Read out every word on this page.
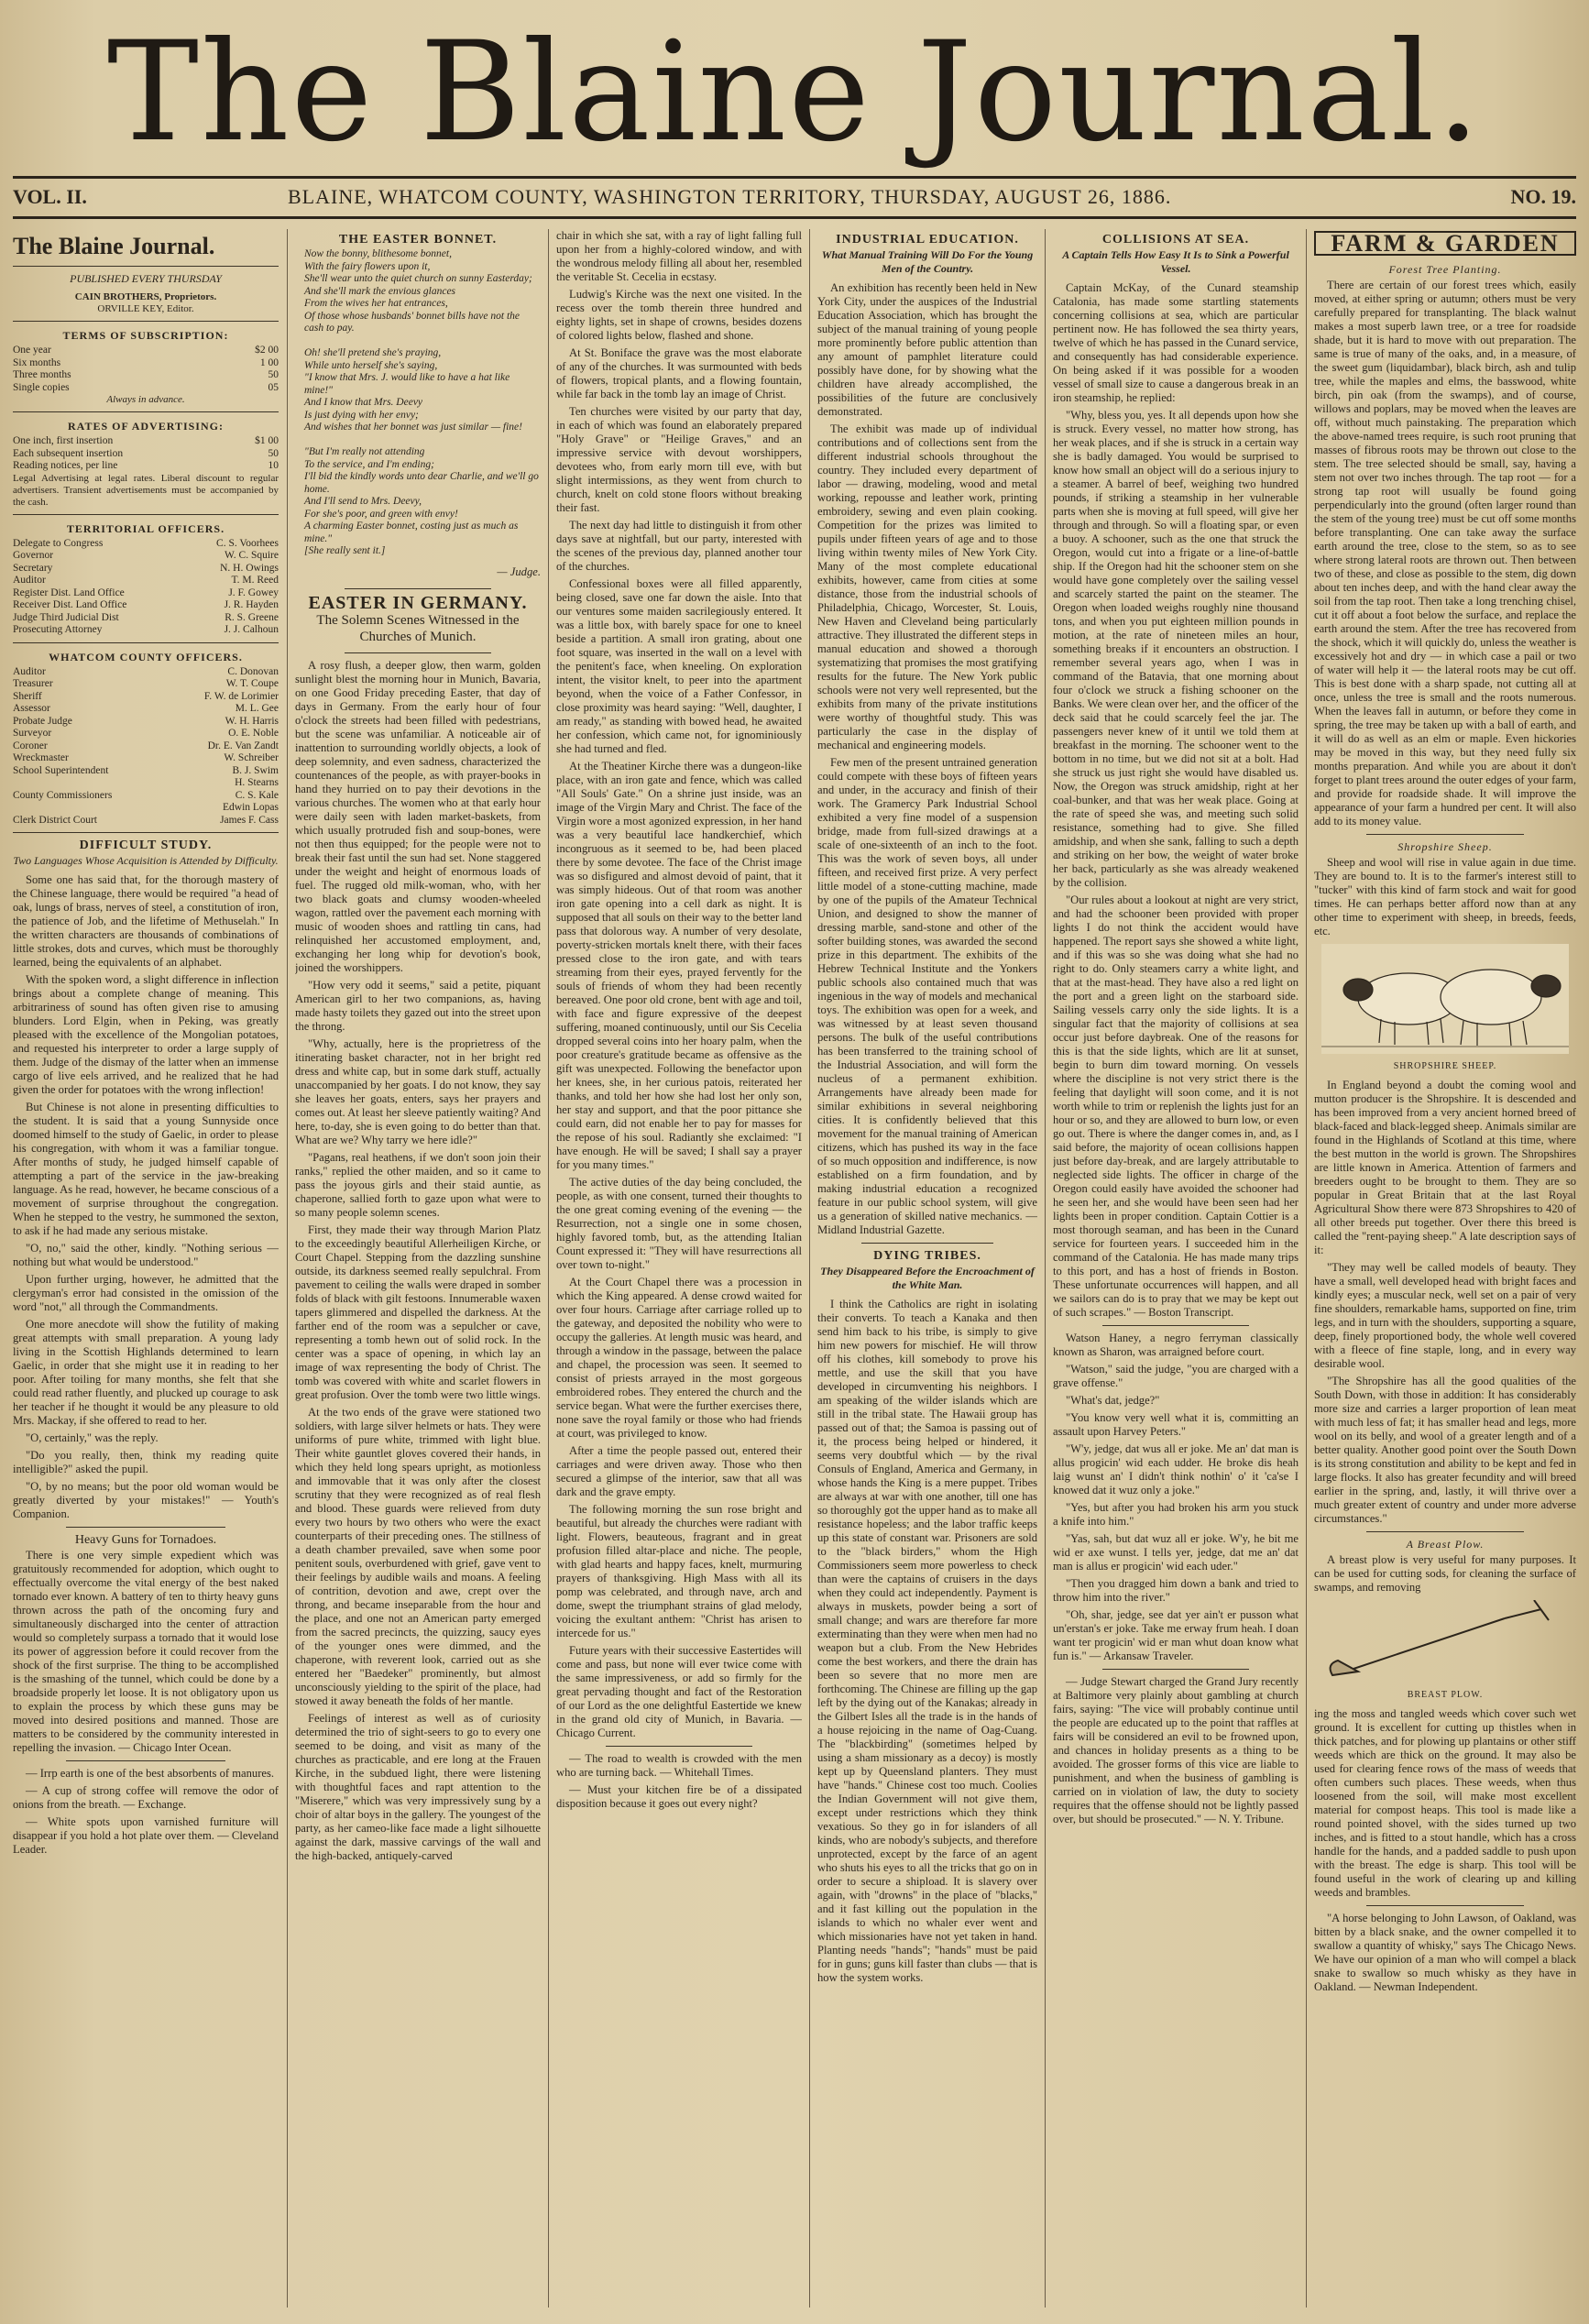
The Blaine Journal.
VOL. II.	BLAINE, WHATCOM COUNTY, WASHINGTON TERRITORY, THURSDAY, AUGUST 26, 1886.	NO. 19.
The Blaine Journal.
PUBLISHED EVERY THURSDAY
CAIN BROTHERS, Proprietors.
ORVILLE KEY, Editor.
TERMS OF SUBSCRIPTION:
One year	$2 00
Six months	1 00
Three months	50
Single copies	05
Always in advance.
RATES OF ADVERTISING:
One inch, first insertion	$1 00
Each subsequent insertion	50
Reading notices, per line	10
Legal Advertising at legal rates. Liberal discount to regular advertisers. Transient advertisements must be accompanied by the cash.
TERRITORIAL OFFICERS.
Delegate to Congress	C. S. Voorhees
Governor	W. C. Squire
Secretary	N. H. Owings
Auditor	T. M. Reed
Register Dist. Land Office	J. F. Gowey
Receiver Dist. Land Office	J. R. Hayden
Judge Third Judicial Dist	R. S. Greene
Prosecuting Attorney	J. J. Calhoun
WHATCOM COUNTY OFFICERS.
Auditor	C. Donovan
Treasurer	W. T. Coupe
Sheriff	F. W. de Lorimier
Assessor	M. L. Gee
Probate Judge	W. H. Harris
Surveyor	O. E. Noble
Coroner	Dr. E. Van Zandt
Wreckmaster	W. Schreiber
School Superintendent	B. J. Swim
	H. Stearns
County Commissioners	C. S. Kale
	Edwin Lopas
Clerk District Court	James F. Cass
DIFFICULT STUDY.
Two Languages Whose Acquisition is Attended by Difficulty.

Some one has said that, for the thorough mastery of the Chinese language, there would be required "a head of oak, lungs of brass, nerves of steel, a constitution of iron, the patience of Job, and the lifetime of Methuselah." In the written characters are thousands of combinations of little strokes, dots and curves, which must be thoroughly learned, being the equivalents of an alphabet.

With the spoken word, a slight difference in inflection brings about a complete change of meaning. This arbitrariness of sound has often given rise to amusing blunders. Lord Elgin, when in Peking, was greatly pleased with the excellence of the Mongolian potatoes, and requested his interpreter to order a large supply of them. Judge of the dismay of the latter when an immense cargo of live eels arrived, and he realized that he had given the order for potatoes with the wrong inflection!

But Chinese is not alone in presenting difficulties to the student. It is said that a young Sunnyside once doomed himself to the study of Gaelic, in order to please his congregation, with whom it was a familiar tongue. After months of study, he judged himself capable of attempting a part of the service in the jaw-breaking language. As he read, however, he became conscious of a movement of surprise throughout the congregation. When he stepped to the vestry, he summoned the sexton, to ask if he had made any serious mistake.

"O, no," said the other, kindly. "Nothing serious — nothing but what would be understood."

Upon further urging, however, he admitted that the clergyman's error had consisted in the omission of the word "not," all through the Commandments.

One more anecdote will show the futility of making great attempts with small preparation. A young lady living in the Scottish Highlands determined to learn Gaelic, in order that she might use it in reading to her poor. After toiling for many months, she felt that she could read rather fluently, and plucked up courage to ask her teacher if he thought it would be any pleasure to old Mrs. Mackay, if she offered to read to her.

"O, certainly," was the reply.

"Do you really, then, think my reading quite intelligible?" asked the pupil.

"O, by no means; but the poor old woman would be greatly diverted by your mistakes!" — Youth's Companion.

Heavy Guns for Tornadoes.

There is one very simple expedient which was gratuitously recommended for adoption, which ought to effectually overcome the vital energy of the best naked tornado ever known. A battery of ten to thirty heavy guns thrown across the path of the oncoming fury and simultaneously discharged into the center of attraction would so completely surpass a tornado that it would lose its power of aggression before it could recover from the shock of the first surprise. The thing to be accomplished is the smashing of the tunnel, which could be done by a broadside properly let loose. It is not obligatory upon us to explain the process by which these guns may be moved into desired positions and manned. Those are matters to be considered by the community interested in repelling the invasion. — Chicago Inter Ocean.

— Irrp earth is one of the best absorbents of manures.

— A cup of strong coffee will remove the odor of onions from the breath. — Exchange.

— White spots upon varnished furniture will disappear if you hold a hot plate over them. — Cleveland Leader.

THE EASTER BONNET.
Now the bonny, blithesome bonnet,
With the fairy flowers upon it,
She'll wear unto the quiet church on sunny Easterday;
And she'll mark the envious glances
From the wives her hat entrances,
Of those whose husbands' bonnet bills have not the cash to pay.

Oh! she'll pretend she's praying,
While unto herself she's saying,
"I know that Mrs. J. would like to have a hat like mine!"
And I know that Mrs. Deevy
Is just dying with her envy;
And wishes that her bonnet was just similar — fine!

"But I'm really not attending
To the service, and I'm ending;
I'll bid the kindly words unto dear Charlie, and we'll go home.
And I'll send to Mrs. Deevy,
For she's poor, and green with envy!
A charming Easter bonnet, costing just as much as mine."
[She really sent it.]
— Judge.
EASTER IN GERMANY.
The Solemn Scenes Witnessed in the Churches of Munich.

A rosy flush, a deeper glow, then warm, golden sunlight blest the morning hour in Munich, Bavaria, on one Good Friday preceding Easter, that day of days in Germany. From the early hour of four o'clock the streets had been filled with pedestrians, but the scene was unfamiliar. A noticeable air of inattention to surrounding worldly objects, a look of deep solemnity, and even sadness, characterized the countenances of the people, as with prayer-books in hand they hurried on to pay their devotions in the various churches. The women who at that early hour were daily seen with laden market-baskets, from which usually protruded fish and soup-bones, were not then thus equipped; for the people were not to break their fast until the sun had set. None staggered under the weight and height of enormous loads of fuel. The rugged old milk-woman, who, with her two black goats and clumsy wooden-wheeled wagon, rattled over the pavement each morning with music of wooden shoes and rattling tin cans, had relinquished her accustomed employment, and, exchanging her long whip for devotion's book, joined the worshippers.

"How very odd it seems," said a petite, piquant American girl to her two companions, as, having made hasty toilets they gazed out into the street upon the throng.

"Why, actually, here is the proprietress of the itinerating basket character, not in her bright red dress and white cap, but in some dark stuff, actually unaccompanied by her goats. I do not know, they say she leaves her goats, enters, says her prayers and comes out. At least her sleeve patiently waiting? And here, to-day, she is even going to do better than that. What are we? Why tarry we here idle?"

"Pagans, real heathens, if we don't soon join their ranks," replied the other maiden, and so it came to pass the joyous girls and their staid auntie, as chaperone, sallied forth to gaze upon what were to so many people solemn scenes.

First, they made their way through Marion Platz to the exceedingly beautiful Allerheiligen Kirche, or Court Chapel. Stepping from the dazzling sunshine outside, its darkness seemed really sepulchral. From pavement to ceiling the walls were draped in somber folds of black with gilt festoons. Innumerable waxen tapers glimmered and dispelled the darkness. At the farther end of the room was a sepulcher or cave, representing a tomb hewn out of solid rock. In the center was a space of opening, in which lay an image of wax representing the body of Christ. The tomb was covered with white and scarlet flowers in great profusion. Over the tomb were two little wings.

At the two ends of the grave were stationed two soldiers, with large silver helmets or hats. They were uniforms of pure white, trimmed with light blue. Their white gauntlet gloves covered their hands, in which they held long spears upright, as motionless and immovable that it was only after the closest scrutiny that they were recognized as of real flesh and blood. These guards were relieved from duty every two hours by two others who were the exact counterparts of their preceding ones. The stillness of a death chamber prevailed, save when some poor penitent souls, overburdened with grief, gave vent to their feelings by audible wails and moans. A feeling of contrition, devotion and awe, crept over the throng, and became inseparable from the hour and the place, and one not an American party emerged from the sacred precincts, the quizzing, saucy eyes of the younger ones were dimmed, and the chaperone, with reverent look, carried out as she entered her "Baedeker" prominently, but almost unconsciously yielding to the spirit of the place, had stowed it away beneath the folds of her mantle.

Feelings of interest as well as of curiosity determined the trio of sight-seers to go to every one seemed to be doing, and visit as many of the churches as practicable, and ere long at the Frauen Kirche, in the subdued light, there were listening with thoughtful faces and rapt attention to the "Miserere," which was very impressively sung by a choir of altar boys in the gallery. The youngest of the party, as her cameo-like face made a light silhouette against the dark, massive carvings of the wall and the high-backed, antiquely-carved

chair in which she sat, with a ray of light falling full upon her from a highly-colored window, and with the wondrous melody filling all about her, resembled the veritable St. Cecelia in ecstasy.

Ludwig's Kirche was the next one visited. In the recess over the tomb therein three hundred and eighty lights, set in shape of crowns, besides dozens of colored lights below, flashed and shone.

At St. Boniface the grave was the most elaborate of any of the churches. It was surmounted with beds of flowers, tropical plants, and a flowing fountain, while far back in the tomb lay an image of Christ.

Ten churches were visited by our party that day, in each of which was found an elaborately prepared "Holy Grave" or "Heilige Graves," and an impressive service with devout worshippers, devotees who, from early morn till eve, with but slight intermissions, as they went from church to church, knelt on cold stone floors without breaking their fast.

The next day had little to distinguish it from other days save at nightfall, but our party, interested with the scenes of the previous day, planned another tour of the churches.

Confessional boxes were all filled apparently, being closed, save one far down the aisle. Into that our ventures some maiden sacrilegiously entered. It was a little box, with barely space for one to kneel beside a partition. A small iron grating, about one foot square, was inserted in the wall on a level with the penitent's face, when kneeling. On exploration intent, the visitor knelt, to peer into the apartment beyond, when the voice of a Father Confessor, in close proximity was heard saying: "Well, daughter, I am ready," as standing with bowed head, he awaited her confession, which came not, for ignominiously she had turned and fled.

At the Theatiner Kirche there was a dungeon-like place, with an iron gate and fence, which was called "All Souls' Gate." On a shrine just inside, was an image of the Virgin Mary and Christ. The face of the Virgin wore a most agonized expression, in her hand was a very beautiful lace handkerchief, which incongruous as it seemed to be, had been placed there by some devotee. The face of the Christ image was so disfigured and almost devoid of paint, that it was simply hideous. Out of that room was another iron gate opening into a cell dark as night. It is supposed that all souls on their way to the better land pass that dolorous way. A number of very desolate, poverty-stricken mortals knelt there, with their faces pressed close to the iron gate, and with tears streaming from their eyes, prayed fervently for the souls of friends of whom they had been recently bereaved. One poor old crone, bent with age and toil, with face and figure expressive of the deepest suffering, moaned continuously, until our Sis Cecelia dropped several coins into her hoary palm, when the poor creature's gratitude became as offensive as the gift was unexpected. Following the benefactor upon her knees, she, in her curious patois, reiterated her thanks, and told her how she had lost her only son, her stay and support, and that the poor pittance she could earn, did not enable her to pay for masses for the repose of his soul. Radiantly she exclaimed: "I have enough. He will be saved; I shall say a prayer for you many times."

The active duties of the day being concluded, the people, as with one consent, turned their thoughts to the one great coming evening of the evening — the Resurrection, not a single one in some chosen, highly favored tomb, but, as the attending Italian Count expressed it: "They will have resurrections all over town to-night."

At the Court Chapel there was a procession in which the King appeared. A dense crowd waited for over four hours. Carriage after carriage rolled up to the gateway, and deposited the nobility who were to occupy the galleries. At length music was heard, and through a window in the passage, between the palace and chapel, the procession was seen. It seemed to consist of priests arrayed in the most gorgeous embroidered robes. They entered the church and the service began. What were the further exercises there, none save the royal family or those who had friends at court, was privileged to know.

After a time the people passed out, entered their carriages and were driven away. Those who then secured a glimpse of the interior, saw that all was dark and the grave empty.

The following morning the sun rose bright and beautiful, but already the churches were radiant with light. Flowers, beauteous, fragrant and in great profusion filled altar-place and niche. The people, with glad hearts and happy faces, knelt, murmuring prayers of thanksgiving. High Mass with all its pomp was celebrated, and through nave, arch and dome, swept the triumphant strains of glad melody, voicing the exultant anthem: "Christ has arisen to intercede for us."

Future years with their successive Eastertides will come and pass, but none will ever twice come with the same impressiveness, or add so firmly for the great pervading thought and fact of the Restoration of our Lord as the one delightful Eastertide we knew in the grand old city of Munich, in Bavaria. — Chicago Current.

— The road to wealth is crowded with the men who are turning back. — Whitehall Times.

— Must your kitchen fire be of a dissipated disposition because it goes out every night?

INDUSTRIAL EDUCATION.
What Manual Training Will Do For the Young Men of the Country.

An exhibition has recently been held in New York City, under the auspices of the Industrial Education Association, which has brought the subject of the manual training of young people more prominently before public attention than any amount of pamphlet literature could possibly have done, for by showing what the children have already accomplished, the possibilities of the future are conclusively demonstrated.

The exhibit was made up of individual contributions and of collections sent from the different industrial schools throughout the country. They included every department of labor — drawing, modeling, wood and metal working, repousse and leather work, printing embroidery, sewing and even plain cooking. Competition for the prizes was limited to pupils under fifteen years of age and to those living within twenty miles of New York City. Many of the most complete educational exhibits, however, came from cities at some distance, those from the industrial schools of Philadelphia, Chicago, Worcester, St. Louis, New Haven and Cleveland being particularly attractive. They illustrated the different steps in manual education and showed a thorough systematizing that promises the most gratifying results for the future. The New York public schools were not very well represented, but the exhibits from many of the private institutions were worthy of thoughtful study. This was particularly the case in the display of mechanical and engineering models.

Few men of the present untrained generation could compete with these boys of fifteen years and under, in the accuracy and finish of their work. The Gramercy Park Industrial School exhibited a very fine model of a suspension bridge, made from full-sized drawings at a scale of one-sixteenth of an inch to the foot. This was the work of seven boys, all under fifteen, and received first prize. A very perfect little model of a stone-cutting machine, made by one of the pupils of the Amateur Technical Union, and designed to show the manner of dressing marble, sand-stone and other of the softer building stones, was awarded the second prize in this department. The exhibits of the Hebrew Technical Institute and the Yonkers public schools also contained much that was ingenious in the way of models and mechanical toys. The exhibition was open for a week, and was witnessed by at least seven thousand persons. The bulk of the useful contributions has been transferred to the training school of the Industrial Association, and will form the nucleus of a permanent exhibition. Arrangements have already been made for similar exhibitions in several neighboring cities. It is confidently believed that this movement for the manual training of American citizens, which has pushed its way in the face of so much opposition and indifference, is now established on a firm foundation, and by making industrial education a recognized feature in our public school system, will give us a generation of skilled native mechanics. — Midland Industrial Gazette.

DYING TRIBES.
They Disappeared Before the Encroachment of the White Man.

I think the Catholics are right in isolating their converts. To teach a Kanaka and then send him back to his tribe, is simply to give him new powers for mischief. He will throw off his clothes, kill somebody to prove his mettle, and use the skill that you have developed in circumventing his neighbors. I am speaking of the wilder islands which are still in the tribal state. The Hawaii group has passed out of that; the Samoa is passing out of it, the process being helped or hindered, it seems very doubtful which — by the rival Consuls of England, America and Germany, in whose hands the King is a mere puppet. Tribes are always at war with one another, till one has so thoroughly got the upper hand as to make all resistance hopeless; and the labor traffic keeps up this state of constant war. Prisoners are sold to the "black birders," whom the High Commissioners seem more powerless to check than were the captains of cruisers in the days when they could act independently. Payment is always in muskets, powder being a sort of small change; and wars are therefore far more exterminating than they were when men had no weapon but a club. From the New Hebrides come the best workers, and there the drain has been so severe that no more men are forthcoming. The Chinese are filling up the gap left by the dying out of the Kanakas; already in the Gilbert Isles all the trade is in the hands of a house rejoicing in the name of Oag-Cuang. The "blackbirding" (sometimes helped by using a sham missionary as a decoy) is mostly kept up by Queensland planters. They must have "hands." Chinese cost too much. Coolies the Indian Government will not give them, except under restrictions which they think vexatious. So they go in for islanders of all kinds, who are nobody's subjects, and therefore unprotected, except by the farce of an agent who shuts his eyes to all the tricks that go on in order to secure a shipload. It is slavery over again, with "drowns" in the place of "blacks," and it fast killing out the population in the islands to which no whaler ever went and which missionaries have not yet taken in hand. Planting needs "hands"; "hands" must be paid for in guns; guns kill faster than clubs — that is how the system works.

COLLISIONS AT SEA.
A Captain Tells How Easy It Is to Sink a Powerful Vessel.

Captain McKay, of the Cunard steamship Catalonia, has made some startling statements concerning collisions at sea, which are particular pertinent now. He has followed the sea thirty years, twelve of which he has passed in the Cunard service, and consequently has had considerable experience. On being asked if it was possible for a wooden vessel of small size to cause a dangerous break in an iron steamship, he replied:

"Why, bless you, yes. It all depends upon how she is struck. Every vessel, no matter how strong, has her weak places, and if she is struck in a certain way she is badly damaged. You would be surprised to know how small an object will do a serious injury to a steamer. A barrel of beef, weighing two hundred pounds, if striking a steamship in her vulnerable parts when she is moving at full speed, will give her through and through. So will a floating spar, or even a buoy. A schooner, such as the one that struck the Oregon, would cut into a frigate or a line-of-battle ship. If the Oregon had hit the schooner stem on she would have gone completely over the sailing vessel and scarcely started the paint on the steamer. The Oregon when loaded weighs roughly nine thousand tons, and when you put eighteen million pounds in motion, at the rate of nineteen miles an hour, something breaks if it encounters an obstruction. I remember several years ago, when I was in command of the Batavia, that one morning about four o'clock we struck a fishing schooner on the Banks. We were clean over her, and the officer of the deck said that he could scarcely feel the jar. The passengers never knew of it until we told them at breakfast in the morning. The schooner went to the bottom in no time, but we did not sit at a bolt. Had she struck us just right she would have disabled us. Now, the Oregon was struck amidship, right at her coal-bunker, and that was her weak place. Going at the rate of speed she was, and meeting such solid resistance, something had to give. She filled amidship, and when she sank, falling to such a depth and striking on her bow, the weight of water broke her back, particularly as she was already weakened by the collision.

"Our rules about a lookout at night are very strict, and had the schooner been provided with proper lights I do not think the accident would have happened. The report says she showed a white light, and if this was so she was doing what she had no right to do. Only steamers carry a white light, and that at the mast-head. They have also a red light on the port and a green light on the starboard side. Sailing vessels carry only the side lights. It is a singular fact that the majority of collisions at sea occur just before daybreak. One of the reasons for this is that the side lights, which are lit at sunset, begin to burn dim toward morning. On vessels where the discipline is not very strict there is the feeling that daylight will soon come, and it is not worth while to trim or replenish the lights just for an hour or so, and they are allowed to burn low, or even go out. There is where the danger comes in, and, as I said before, the majority of ocean collisions happen just before day-break, and are largely attributable to neglected side lights. The officer in charge of the Oregon could easily have avoided the schooner had he seen her, and she would have been seen had her lights been in proper condition. Captain Cottier is a most thorough seaman, and has been in the Cunard service for fourteen years. I succeeded him in the command of the Catalonia. He has made many trips to this port, and has a host of friends in Boston. These unfortunate occurrences will happen, and all we sailors can do is to pray that we may be kept out of such scrapes." — Boston Transcript.

Watson Haney, a negro ferryman classically known as Sharon, was arraigned before court.

"Watson," said the judge, "you are charged with a grave offense."

"What's dat, jedge?"

"You know very well what it is, committing an assault upon Harvey Peters."

"W'y, jedge, dat wus all er joke. Me an' dat man is allus progicin' wid each udder. He broke dis heah laig wunst an' I didn't think nothin' o' it 'ca'se I knowed dat it wuz only a joke."

"Yes, but after you had broken his arm you stuck a knife into him."

"Yas, sah, but dat wuz all er joke. W'y, he bit me wid er axe wunst. I tells yer, jedge, dat me an' dat man is allus er progicin' wid each uder."

"Then you dragged him down a bank and tried to throw him into the river."

"Oh, shar, jedge, see dat yer ain't er pusson what un'erstan's er joke. Take me erway frum heah. I doan want ter progicin' wid er man whut doan know what fun is." — Arkansaw Traveler.

— Judge Stewart charged the Grand Jury recently at Baltimore very plainly about gambling at church fairs, saying: "The vice will probably continue until the people are educated up to the point that raffles at fairs will be considered an evil to be frowned upon, and chances in holiday presents as a thing to be avoided. The grosser forms of this vice are liable to punishment, and when the business of gambling is carried on in violation of law, the duty to society requires that the offense should not be lightly passed over, but should be prosecuted." — N. Y. Tribune.

FARM & GARDEN
Forest Tree Planting.

There are certain of our forest trees which, easily moved, at either spring or autumn; others must be very carefully prepared for transplanting. The black walnut makes a most superb lawn tree, or a tree for roadside shade, but it is hard to move with out preparation. The same is true of many of the oaks, and, in a measure, of the sweet gum (liquidambar), black birch, ash and tulip tree, while the maples and elms, the basswood, white birch, pin oak (from the swamps), and of course, willows and poplars, may be moved when the leaves are off, without much painstaking. The preparation which the above-named trees require, is such root pruning that masses of fibrous roots may be thrown out close to the stem. The tree selected should be small, say, having a stem not over two inches through. The tap root — for a strong tap root will usually be found going perpendicularly into the ground (often larger round than the stem of the young tree) must be cut off some months before transplanting. One can take away the surface earth around the tree, close to the stem, so as to see where strong lateral roots are thrown out. Then between two of these, and close as possible to the stem, dig down about ten inches deep, and with the hand clear away the soil from the tap root. Then take a long trenching chisel, cut it off about a foot below the surface, and replace the earth around the stem. After the tree has recovered from the shock, which it will quickly do, unless the weather is excessively hot and dry — in which case a pail or two of water will help it — the lateral roots may be cut off. This is best done with a sharp spade, not cutting all at once, unless the tree is small and the roots numerous. When the leaves fall in autumn, or before they come in spring, the tree may be taken up with a ball of earth, and it will do as well as an elm or maple. Even hickories may be moved in this way, but they need fully six months preparation. And while you are about it don't forget to plant trees around the outer edges of your farm, and provide for roadside shade. It will improve the appearance of your farm a hundred per cent. It will also add to its money value.

Shropshire Sheep.

Sheep and wool will rise in value again in due time. They are bound to. It is to the farmer's interest still to "tucker" with this kind of farm stock and wait for good times. He can perhaps better afford now than at any other time to experiment with sheep, in breeds, feeds, etc.

SHROPSHIRE SHEEP.

In England beyond a doubt the coming wool and mutton producer is the Shropshire. It is descended and has been improved from a very ancient horned breed of black-faced and black-legged sheep. Animals similar are found in the Highlands of Scotland at this time, where the best mutton in the world is grown. The Shropshires are little known in America. Attention of farmers and breeders ought to be brought to them. They are so popular in Great Britain that at the last Royal Agricultural Show there were 873 Shropshires to 420 of all other breeds put together. Over there this breed is called the "rent-paying sheep." A late description says of it:

"They may well be called models of beauty. They have a small, well developed head with bright faces and kindly eyes; a muscular neck, well set on a pair of very fine shoulders, remarkable hams, supported on fine, trim legs, and in turn with the shoulders, supporting a square, deep, finely proportioned body, the whole well covered with a fleece of fine staple, long, and in every way desirable wool.

"The Shropshire has all the good qualities of the South Down, with those in addition: It has considerably more size and carries a larger proportion of lean meat with much less of fat; it has smaller head and legs, more wool on its belly, and wool of a greater length and of a better quality. Another good point over the South Down is its strong constitution and ability to be kept and fed in large flocks. It also has greater fecundity and will breed earlier in the spring, and, lastly, it will thrive over a much greater extent of country and under more adverse circumstances."

A Breast Plow.

A breast plow is very useful for many purposes. It can be used for cutting sods, for cleaning the surface of swamps, and removing

BREAST PLOW.

ing the moss and tangled weeds which cover such wet ground. It is excellent for cutting up thistles when in thick patches, and for plowing up plantains or other stiff weeds which are thick on the ground. It may also be used for clearing fence rows of the mass of weeds that often cumbers such places. These weeds, when thus loosened from the soil, will make most excellent material for compost heaps. This tool is made like a round pointed shovel, with the sides turned up two inches, and is fitted to a stout handle, which has a cross handle for the hands, and a padded saddle to push upon with the breast. The edge is sharp. This tool will be found useful in the work of clearing up and killing weeds and brambles.

"A horse belonging to John Lawson, of Oakland, was bitten by a black snake, and the owner compelled it to swallow a quantity of whisky," says The Chicago News. We have our opinion of a man who will compel a black snake to swallow so much whisky as they have in Oakland. — Newman Independent.
